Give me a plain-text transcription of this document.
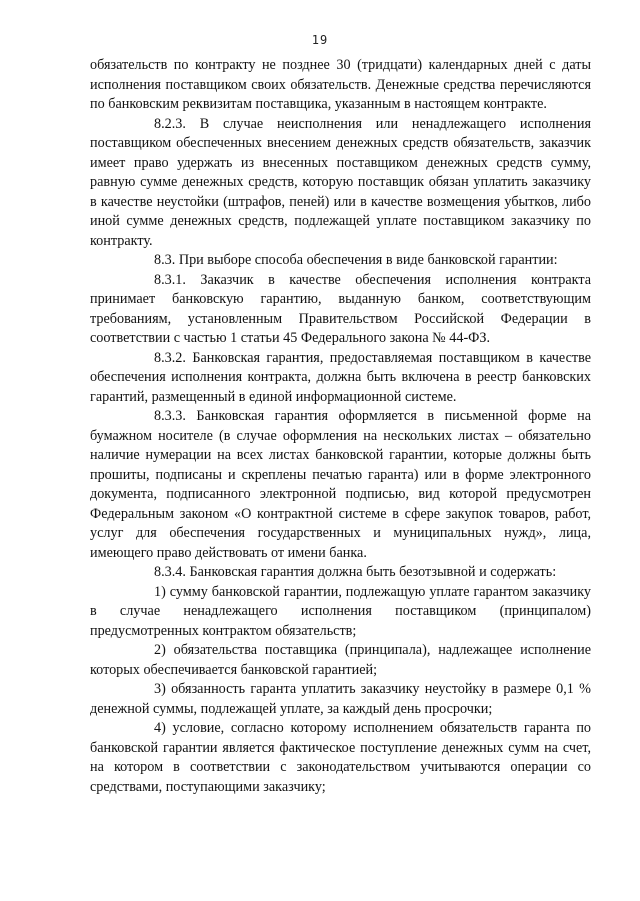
19

обязательств по контракту не позднее 30 (тридцати) календарных дней с даты исполнения поставщиком своих обязательств. Денежные средства перечисляются по банковским реквизитам поставщика, указанным в настоящем контракте.

8.2.3. В случае неисполнения или ненадлежащего исполнения поставщиком обеспеченных внесением денежных средств обязательств, заказчик имеет право удержать из внесенных поставщиком денежных средств сумму, равную сумме денежных средств, которую поставщик обязан уплатить заказчику в качестве неустойки (штрафов, пеней) или в качестве возмещения убытков, либо иной сумме денежных средств, подлежащей уплате поставщиком заказчику по контракту.

8.3. При выборе способа обеспечения в виде банковской гарантии:

8.3.1. Заказчик в качестве обеспечения исполнения контракта принимает банковскую гарантию, выданную банком, соответствующим требованиям, установленным Правительством Российской Федерации в соответствии с частью 1 статьи 45 Федерального закона № 44-ФЗ.

8.3.2. Банковская гарантия, предоставляемая поставщиком в качестве обеспечения исполнения контракта, должна быть включена в реестр банковских гарантий, размещенный в единой информационной системе.

8.3.3. Банковская гарантия оформляется в письменной форме на бумажном носителе (в случае оформления на нескольких листах – обязательно наличие нумерации на всех листах банковской гарантии, которые должны быть прошиты, подписаны и скреплены печатью гаранта) или в форме электронного документа, подписанного электронной подписью, вид которой предусмотрен Федеральным законом «О контрактной системе в сфере закупок товаров, работ, услуг для обеспечения государственных и муниципальных нужд», лица, имеющего право действовать от имени банка.

8.3.4. Банковская гарантия должна быть безотзывной и содержать:

1) сумму банковской гарантии, подлежащую уплате гарантом заказчику в случае ненадлежащего исполнения поставщиком (принципалом) предусмотренных контрактом обязательств;

2) обязательства поставщика (принципала), надлежащее исполнение которых обеспечивается банковской гарантией;

3) обязанность гаранта уплатить заказчику неустойку в размере 0,1 % денежной суммы, подлежащей уплате, за каждый день просрочки;

4) условие, согласно которому исполнением обязательств гаранта по банковской гарантии является фактическое поступление денежных сумм на счет, на котором в соответствии с законодательством учитываются операции со средствами, поступающими заказчику;
